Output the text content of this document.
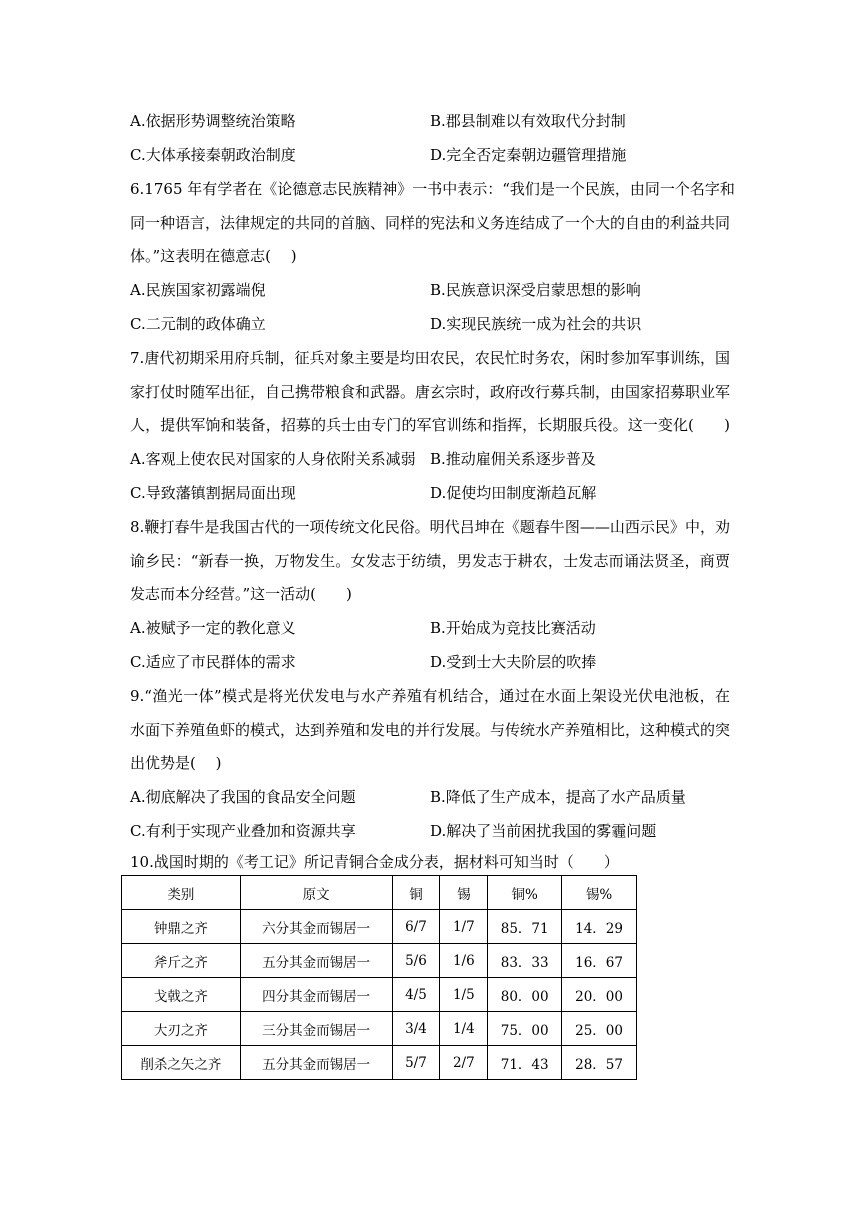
A.依据形势调整统治策略	B.郡县制难以有效取代分封制
C.大体承接秦朝政治制度	D.完全否定秦朝边疆管理措施
6.1765 年有学者在《论德意志民族精神》一书中表示：“我们是一个民族，由同一个名字和
同一种语言，法律规定的共同的首脑、同样的宪法和义务连结成了一个大的自由的利益共同
体。”这表明在德意志(　 )
A.民族国家初露端倪	B.民族意识深受启蒙思想的影响
C.二元制的政体确立	D.实现民族统一成为社会的共识
7.唐代初期采用府兵制，征兵对象主要是均田农民，农民忙时务农，闲时参加军事训练，国
家打仗时随军出征，自己携带粮食和武器。唐玄宗时，政府改行募兵制，由国家招募职业军
人，提供军饷和装备，招募的兵士由专门的军官训练和指挥，长期服兵役。这一变化(　　)
A.客观上使农民对国家的人身依附关系减弱 B.推动雇佣关系逐步普及
C.导致藩镇割据局面出现	D.促使均田制度渐趋瓦解
8.鞭打春牛是我国古代的一项传统文化民俗。明代吕坤在《题春牛图——山西示民》中，劝
谕乡民：“新春一换，万物发生。女发志于纺绩，男发志于耕农，士发志而诵法贤圣，商贾
发志而本分经营。”这一活动(　　)
A.被赋予一定的教化意义	B.开始成为竞技比赛活动
C.适应了市民群体的需求	D.受到士大夫阶层的吹捧
9.“渔光一体”模式是将光伏发电与水产养殖有机结合，通过在水面上架设光伏电池板，在
水面下养殖鱼虾的模式，达到养殖和发电的并行发展。与传统水产养殖相比，这种模式的突
出优势是(　 )
A.彻底解决了我国的食品安全问题	B.降低了生产成本，提高了水产品质量
C.有利于实现产业叠加和资源共享	D.解决了当前困扰我国的雾霾问题
10.战国时期的《考工记》所记青铜合金成分表，据材料可知当时（　　）
类别	原文	铜	锡	铜%	锡%
钟鼎之齐	六分其金而锡居一	6/7	1/7	85．71	14．29
斧斤之齐	五分其金而锡居一	5/6	1/6	83．33	16．67
戈戟之齐	四分其金而锡居一	4/5	1/5	80．00	20．00
大刃之齐	三分其金而锡居一	3/4	1/4	75．00	25．00
削杀之矢之齐	五分其金而锡居一	5/7	2/7	71．43	28．57
